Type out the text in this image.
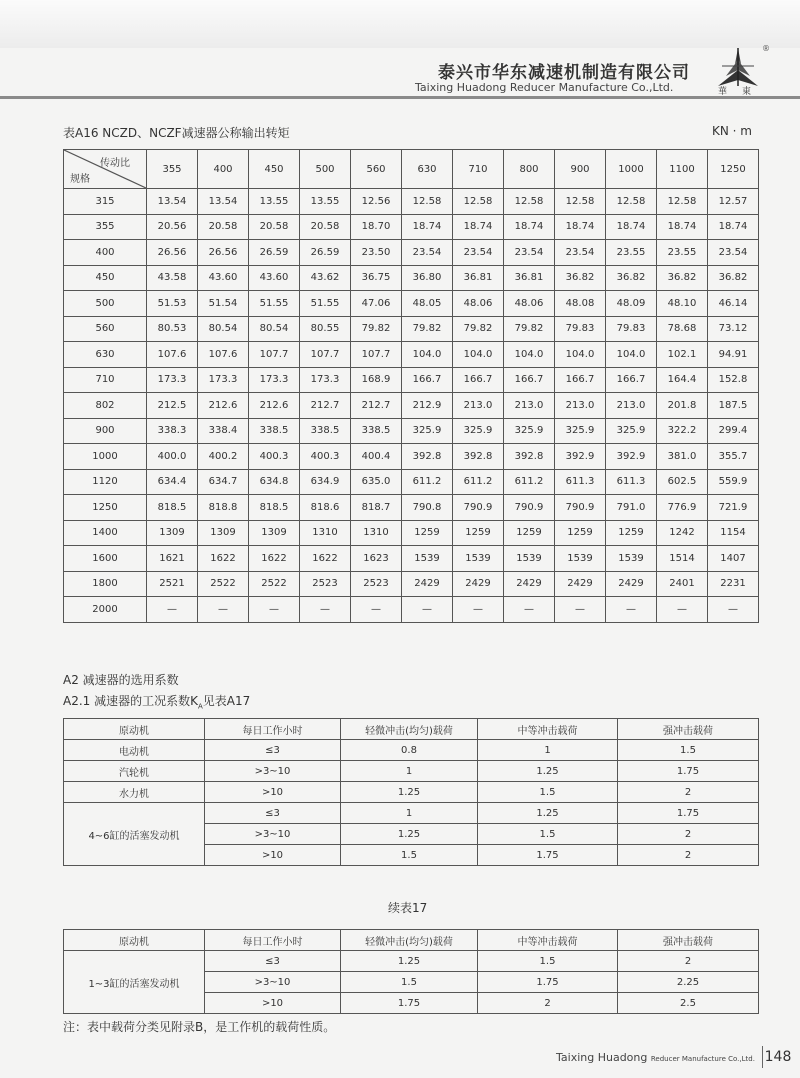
泰兴市华东减速机制造有限公司
Taixing Huadong Reducer Manufacture Co.,Ltd.
®
華 東
表A16 NCZD、NCZF减速器公称输出转矩	KN · m
传动比
规格	355	400	450	500	560	630	710	800	900	1000	1100	1250
315	13.54	13.54	13.55	13.55	12.56	12.58	12.58	12.58	12.58	12.58	12.58	12.57
355	20.56	20.58	20.58	20.58	18.70	18.74	18.74	18.74	18.74	18.74	18.74	18.74
400	26.56	26.56	26.59	26.59	23.50	23.54	23.54	23.54	23.54	23.55	23.55	23.54
450	43.58	43.60	43.60	43.62	36.75	36.80	36.81	36.81	36.82	36.82	36.82	36.82
500	51.53	51.54	51.55	51.55	47.06	48.05	48.06	48.06	48.08	48.09	48.10	46.14
560	80.53	80.54	80.54	80.55	79.82	79.82	79.82	79.82	79.83	79.83	78.68	73.12
630	107.6	107.6	107.7	107.7	107.7	104.0	104.0	104.0	104.0	104.0	102.1	94.91
710	173.3	173.3	173.3	173.3	168.9	166.7	166.7	166.7	166.7	166.7	164.4	152.8
802	212.5	212.6	212.6	212.7	212.7	212.9	213.0	213.0	213.0	213.0	201.8	187.5
900	338.3	338.4	338.5	338.5	338.5	325.9	325.9	325.9	325.9	325.9	322.2	299.4
1000	400.0	400.2	400.3	400.3	400.4	392.8	392.8	392.8	392.9	392.9	381.0	355.7
1120	634.4	634.7	634.8	634.9	635.0	611.2	611.2	611.2	611.3	611.3	602.5	559.9
1250	818.5	818.8	818.5	818.6	818.7	790.8	790.9	790.9	790.9	791.0	776.9	721.9
1400	1309	1309	1309	1310	1310	1259	1259	1259	1259	1259	1242	1154
1600	1621	1622	1622	1622	1623	1539	1539	1539	1539	1539	1514	1407
1800	2521	2522	2522	2523	2523	2429	2429	2429	2429	2429	2401	2231
2000	—	—	—	—	—	—	—	—	—	—	—	—
A2 减速器的选用系数
A2.1 减速器的工况系数$K_A$见表A17
原动机	每日工作小时	轻微冲击(均匀)载荷	中等冲击载荷	强冲击载荷
电动机	≤3	0.8	1	1.5
汽轮机	>3~10	1	1.25	1.75
水力机	>10	1.25	1.5	2
4~6缸的活塞发动机	≤3	1	1.25	1.75
	>3~10	1.25	1.5	2
	>10	1.5	1.75	2
续表17
原动机	每日工作小时	轻微冲击(均匀)载荷	中等冲击载荷	强冲击载荷
1~3缸的活塞发动机	≤3	1.25	1.5	2
	>3~10	1.5	1.75	2.25
	>10	1.75	2	2.5
注：表中载荷分类见附录B，是工作机的载荷性质。
Taixing Huadong Reducer Manufacture Co.,Ltd. 148
